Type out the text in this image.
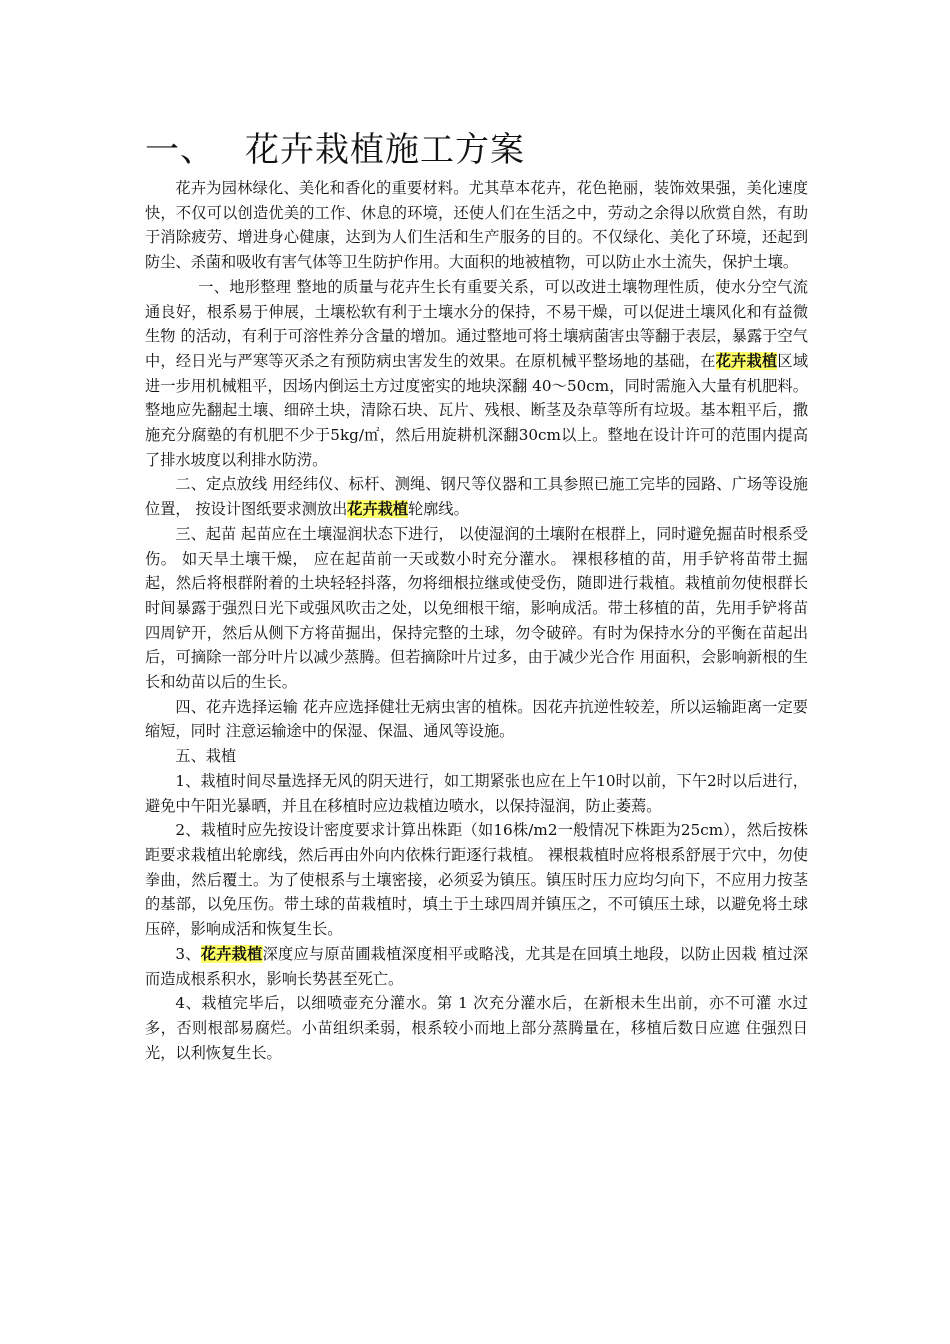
一、 花卉栽植施工方案

花卉为园林绿化、美化和香化的重要材料。尤其草本花卉，花色艳丽，装饰效果强，美化速度快，不仅可以创造优美的工作、休息的环境，还使人们在生活之中，劳动之余得以欣赏自然，有助于消除疲劳、增进身心健康，达到为人们生活和生产服务的目的。不仅绿化、美化了环境，还起到防尘、杀菌和吸收有害气体等卫生防护作用。大面积的地被植物，可以防止水土流失，保护土壤。

一、地形整理 整地的质量与花卉生长有重要关系，可以改进土壤物理性质，使水分空气流通良好，根系易于伸展，土壤松软有利于土壤水分的保持，不易干燥，可以促进土壤风化和有益微生物 的活动，有利于可溶性养分含量的增加。通过整地可将土壤病菌害虫等翻于表层，暴露于空气中，经日光与严寒等灭杀之有预防病虫害发生的效果。在原机械平整场地的基础，在花卉栽植区域进一步用机械粗平，因场内倒运土方过度密实的地块深翻 40～50cm，同时需施入大量有机肥料。整地应先翻起土壤、细碎土块，清除石块、瓦片、残根、断茎及杂草等所有垃圾。基本粗平后，撒施充分腐塾的有机肥不少于5kg/㎡，然后用旋耕机深翻30cm以上。整地在设计许可的范围内提高了排水坡度以利排水防涝。

二、定点放线 用经纬仪、标杆、测绳、钢尺等仪器和工具参照已施工完毕的园路、广场等设施位置， 按设计图纸要求测放出花卉栽植轮廓线。

三、起苗 起苗应在土壤湿润状态下进行， 以使湿润的土壤附在根群上，同时避免掘苗时根系受伤。 如天旱土壤干燥， 应在起苗前一天或数小时充分灌水。 裸根移植的苗，用手铲将苗带土掘起，然后将根群附着的土块轻轻抖落，勿将细根拉继或使受伤，随即进行栽植。栽植前勿使根群长时间暴露于强烈日光下或强风吹击之处，以免细根干缩，影响成活。带土移植的苗，先用手铲将苗四周铲开，然后从侧下方将苗掘出，保持完整的土球，勿令破碎。有时为保持水分的平衡在苗起出后，可摘除一部分叶片以减少蒸腾。但若摘除叶片过多，由于减少光合作 用面积，会影响新根的生长和幼苗以后的生长。

四、花卉选择运输 花卉应选择健壮无病虫害的植株。因花卉抗逆性较差，所以运输距离一定要缩短，同时 注意运输途中的保湿、保温、通风等设施。

五、栽植

1、栽植时间尽量选择无风的阴天进行，如工期紧张也应在上午10时以前，下午2时以后进行，避免中午阳光暴晒，并且在移植时应边栽植边喷水，以保持湿润，防止萎蔫。

2、栽植时应先按设计密度要求计算出株距（如16株/m2一般情况下株距为25cm），然后按株距要求栽植出轮廓线，然后再由外向内依株行距逐行栽植。 裸根栽植时应将根系舒展于穴中，勿使拳曲，然后覆土。为了使根系与土壤密接，必须妥为镇压。镇压时压力应均匀向下，不应用力按茎的基部，以免压伤。带土球的苗栽植时，填土于土球四周并镇压之，不可镇压土球，以避免将土球压碎，影响成活和恢复生长。

3、花卉栽植深度应与原苗圃栽植深度相平或略浅，尤其是在回填土地段，以防止因栽 植过深而造成根系积水，影响长势甚至死亡。

4、栽植完毕后，以细喷壶充分灌水。第 1 次充分灌水后，在新根未生出前，亦不可灌 水过多，否则根部易腐烂。小苗组织柔弱，根系较小而地上部分蒸腾量在，移植后数日应遮 住强烈日光，以利恢复生长。
